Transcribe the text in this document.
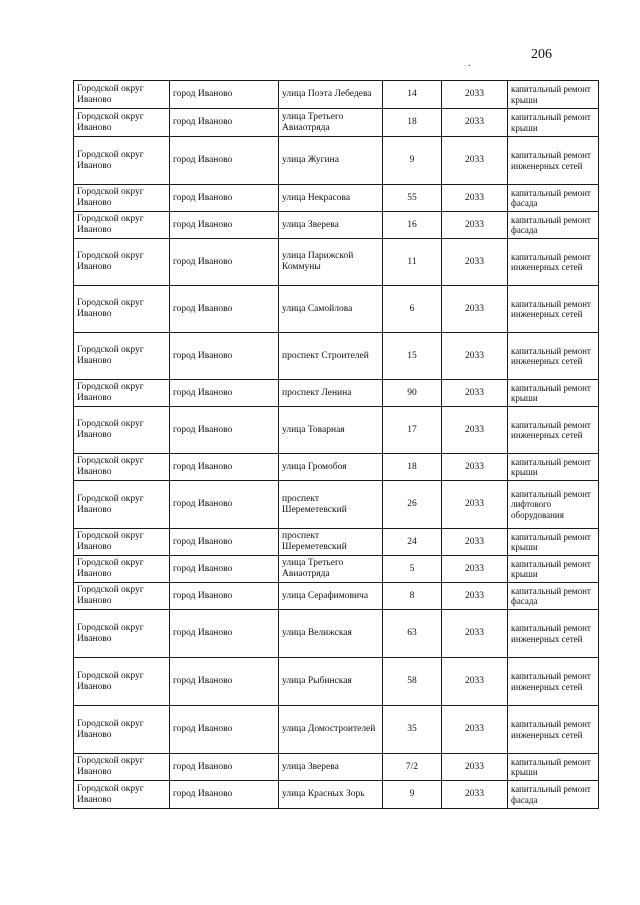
206
.
Городской округ Иваново	город Иваново	улица Поэта Лебедева	14	2033	капитальный ремонт крыши
Городской округ Иваново	город Иваново	улица Третьего Авиаотряда	18	2033	капитальный ремонт крыши
Городской округ Иваново	город Иваново	улица Жугина	9	2033	капитальный ремонт инженерных сетей
Городской округ Иваново	город Иваново	улица Некрасова	55	2033	капитальный ремонт фасада
Городской округ Иваново	город Иваново	улица Зверева	16	2033	капитальный ремонт фасада
Городской округ Иваново	город Иваново	улица Парижской Коммуны	11	2033	капитальный ремонт инженерных сетей
Городской округ Иваново	город Иваново	улица Самойлова	6	2033	капитальный ремонт инженерных сетей
Городской округ Иваново	город Иваново	проспект Строителей	15	2033	капитальный ремонт инженерных сетей
Городской округ Иваново	город Иваново	проспект Ленина	90	2033	капитальный ремонт крыши
Городской округ Иваново	город Иваново	улица Товарная	17	2033	капитальный ремонт инженерных сетей
Городской округ Иваново	город Иваново	улица Громобоя	18	2033	капитальный ремонт крыши
Городской округ Иваново	город Иваново	проспект Шереметевский	26	2033	капитальный ремонт лифтового оборудования
Городской округ Иваново	город Иваново	проспект Шереметевский	24	2033	капитальный ремонт крыши
Городской округ Иваново	город Иваново	улица Третьего Авиаотряда	5	2033	капитальный ремонт крыши
Городской округ Иваново	город Иваново	улица Серафимовича	8	2033	капитальный ремонт фасада
Городской округ Иваново	город Иваново	улица Велижская	63	2033	капитальный ремонт инженерных сетей
Городской округ Иваново	город Иваново	улица Рыбинская	58	2033	капитальный ремонт инженерных сетей
Городской округ Иваново	город Иваново	улица Домостроителей	35	2033	капитальный ремонт инженерных сетей
Городской округ Иваново	город Иваново	улица Зверева	7/2	2033	капитальный ремонт крыши
Городской округ Иваново	город Иваново	улица Красных Зорь	9	2033	капитальный ремонт фасада
